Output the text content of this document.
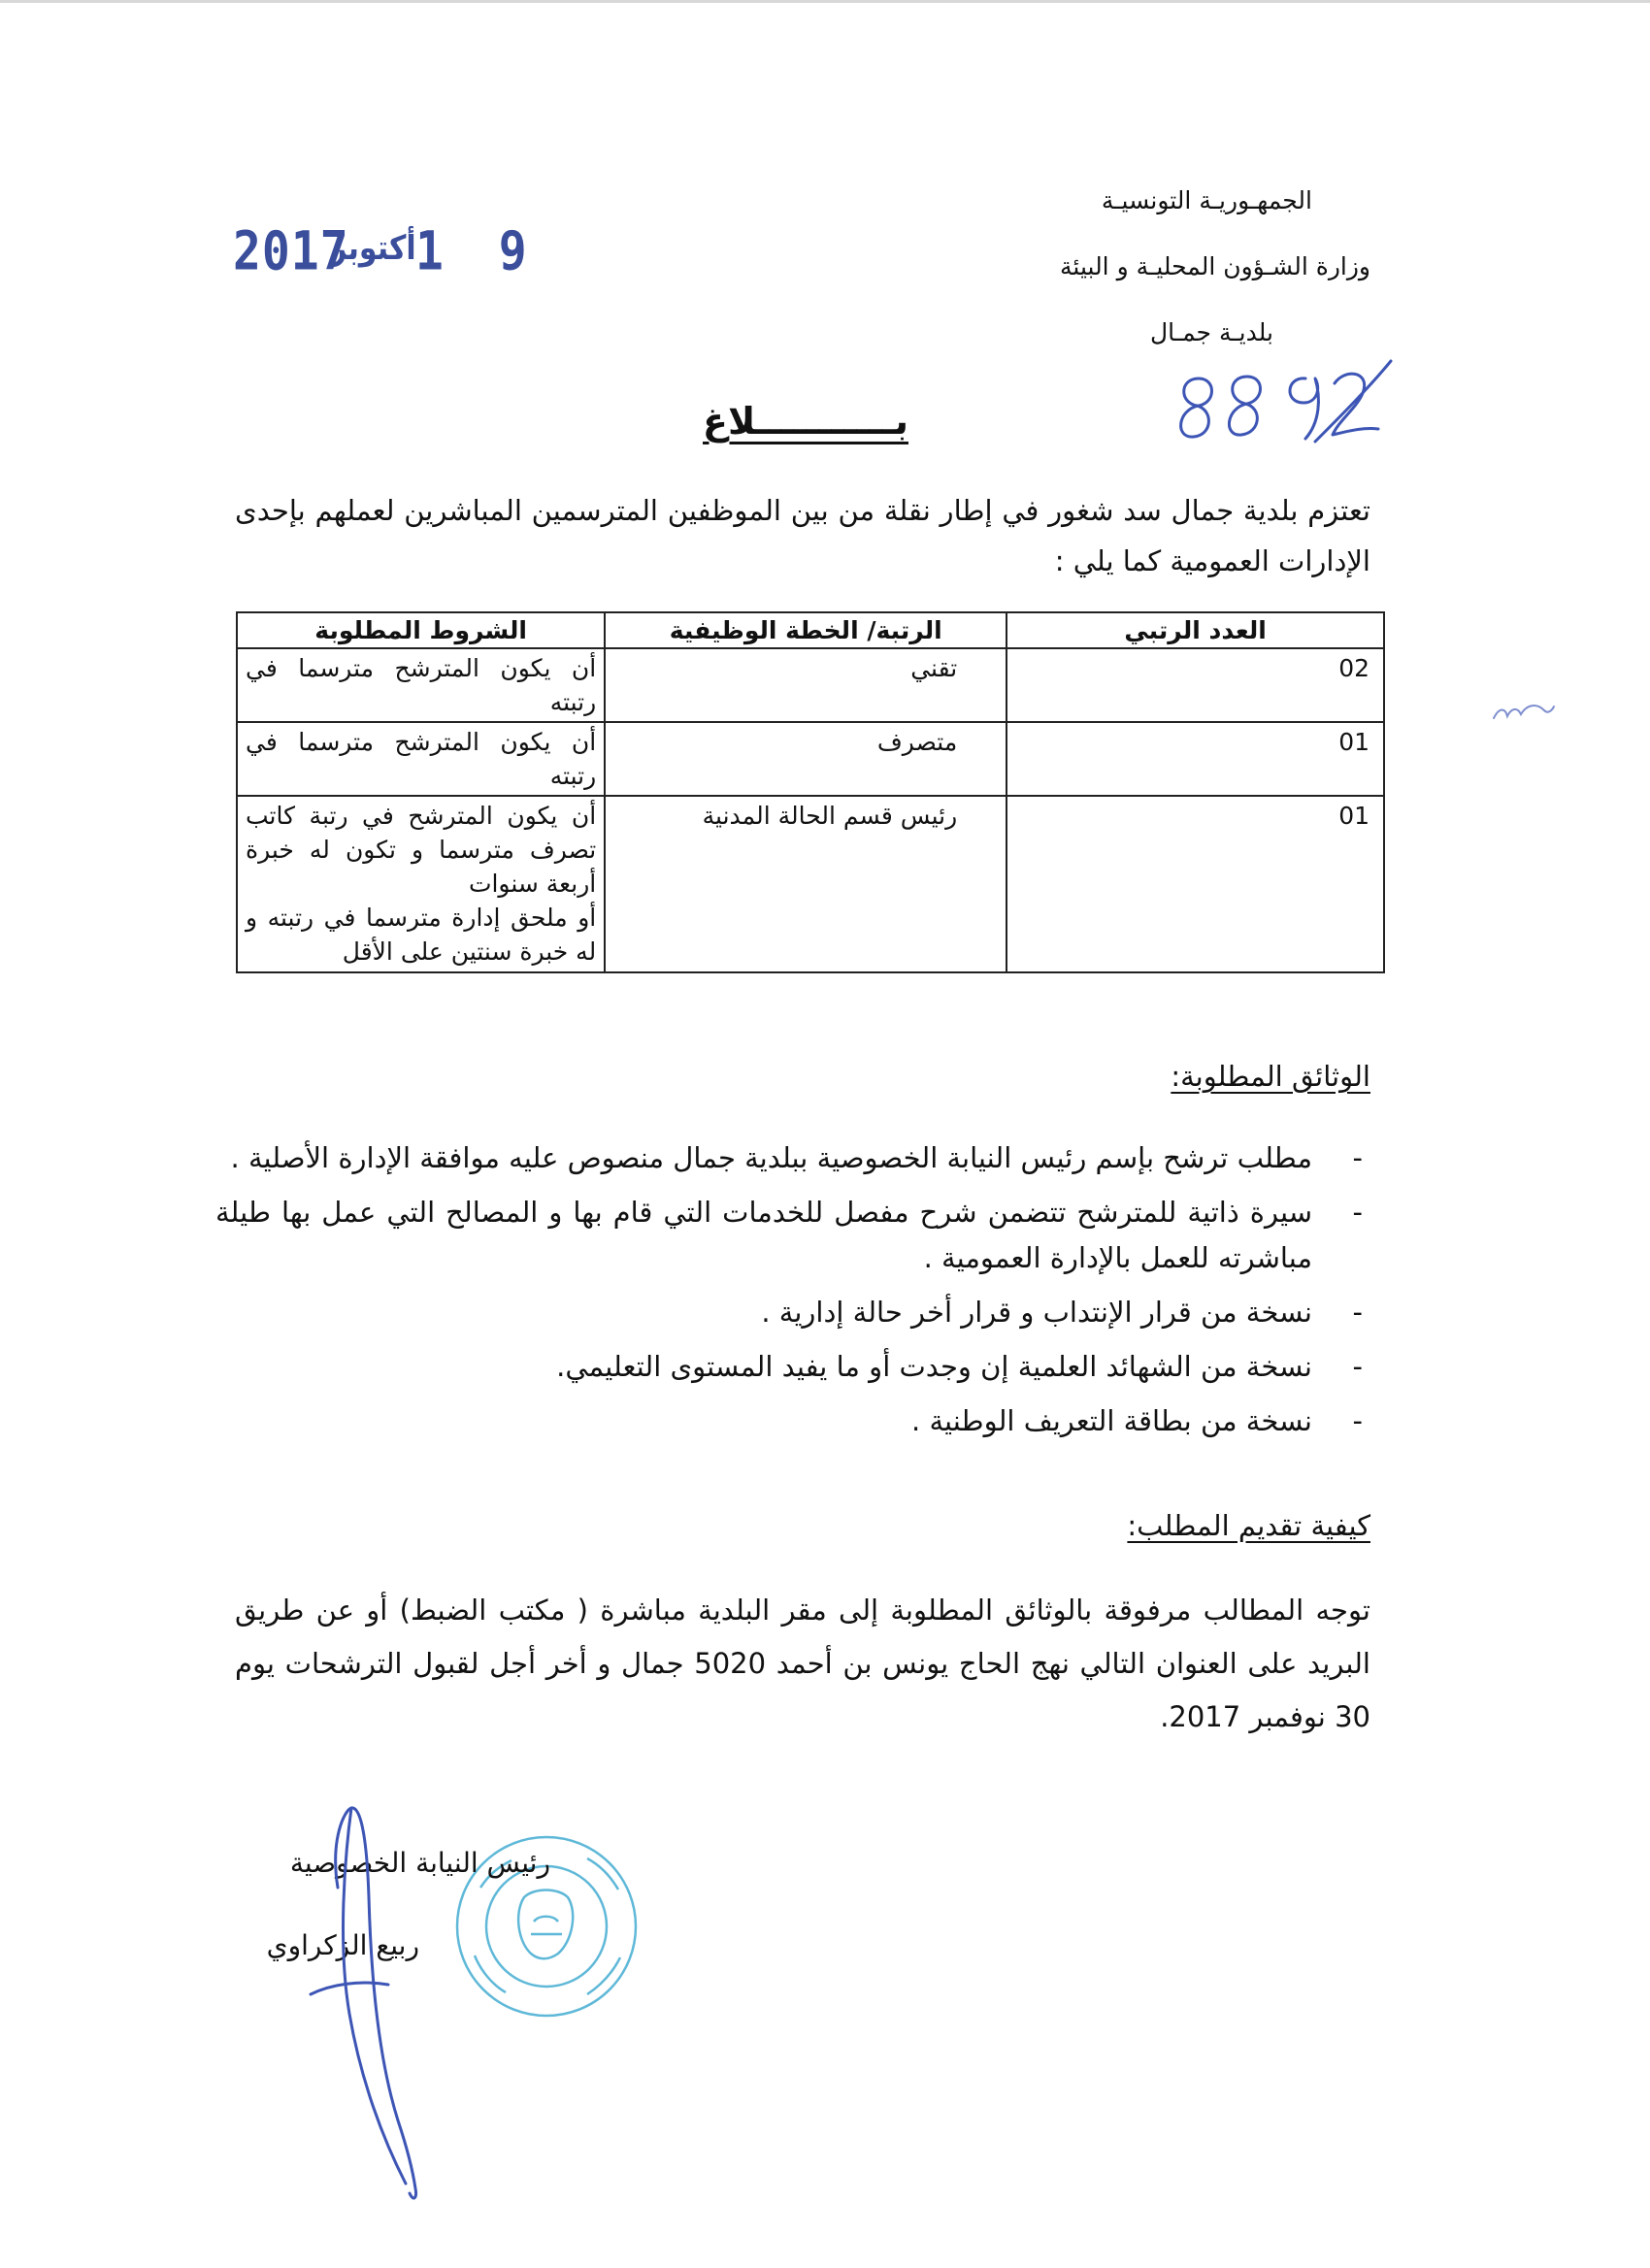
الجمهـوريـة التونسيـة
وزارة الشـؤون المحليـة و البيئة
بلديـة جمـال
2017
أكتوبر 1 9
بـــــــــــلاغ
تعتزم بلدية جمال سد شغور في إطار نقلة من بين الموظفين المترسمين المباشرين لعملهم بإحدى الإدارات العمومية كما يلي :
العدد الرتبي	الرتبة/ الخطة الوظيفية	الشروط المطلوبة
02	تقني	أن يكون المترشح مترسما في رتبته
01	متصرف	أن يكون المترشح مترسما في رتبته
01	رئيس قسم الحالة المدنية	أن يكون المترشح في رتبة كاتب تصرف مترسما و تكون له خبرة أربعة سنوات
أو ملحق إدارة مترسما في رتبته و له خبرة سنتين على الأقل
الوثائق المطلوبة:
-
مطلب ترشح بإسم رئيس النيابة الخصوصية ببلدية جمال منصوص عليه موافقة الإدارة الأصلية .
-
سيرة ذاتية للمترشح تتضمن شرح مفصل للخدمات التي قام بها و المصالح التي عمل بها طيلة مباشرته للعمل بالإدارة العمومية .
-
نسخة من قرار الإنتداب و قرار أخر حالة إدارية .
-
نسخة من الشهائد العلمية إن وجدت أو ما يفيد المستوى التعليمي.
-
نسخة من بطاقة التعريف الوطنية .
كيفية تقديم المطلب:
توجه المطالب مرفوقة بالوثائق المطلوبة إلى مقر البلدية مباشرة ( مكتب الضبط) أو عن طريق البريد على العنوان التالي نهج الحاج يونس بن أحمد 5020 جمال و أخر أجل لقبول الترشحات يوم 30 نوفمبر 2017.
رئيس النيابة الخصوصية
ربيع الزكراوي
